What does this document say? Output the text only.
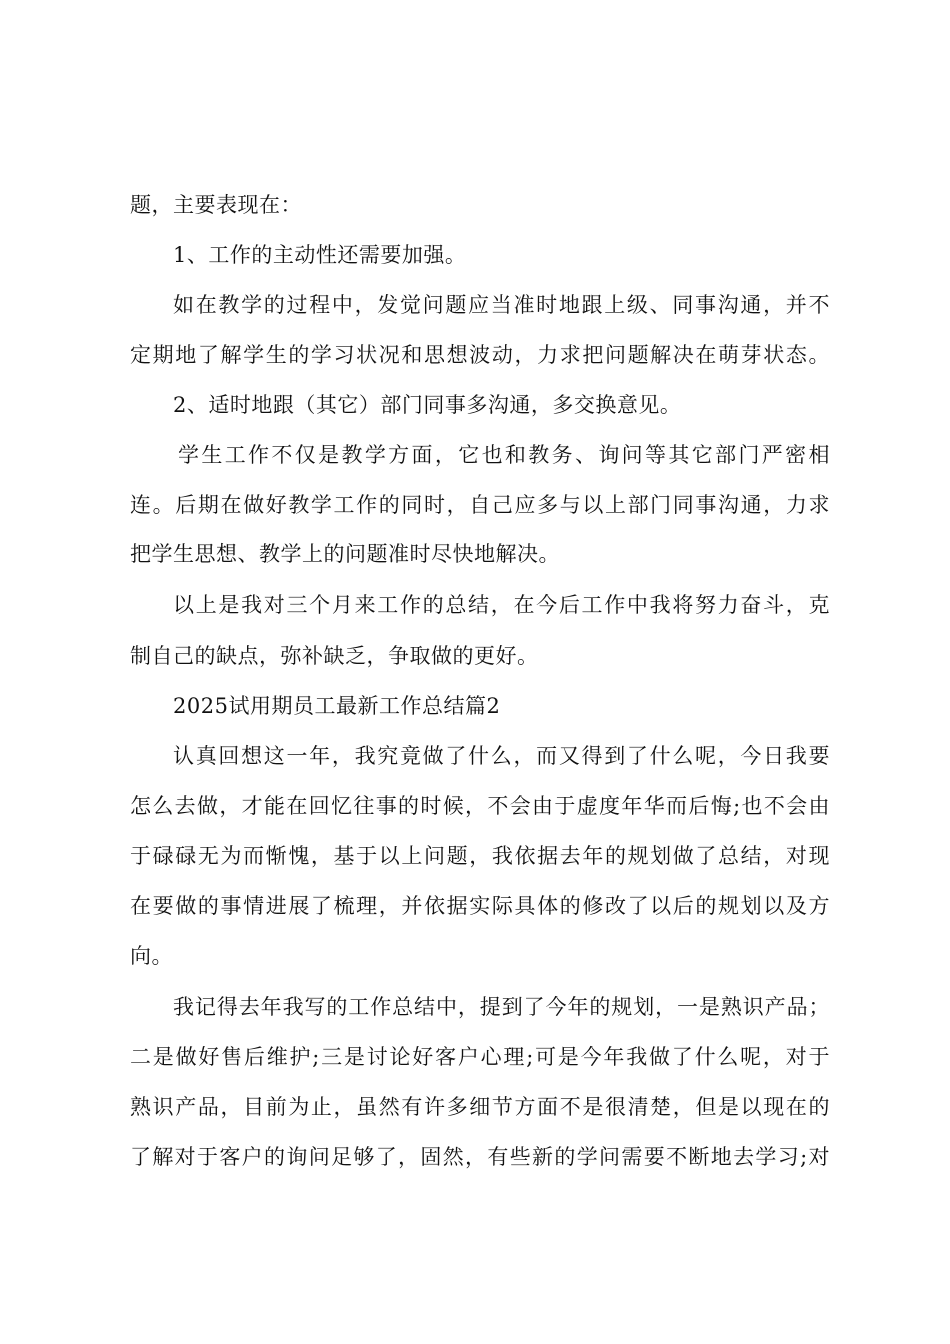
题，主要表现在：
1、工作的主动性还需要加强。
如在教学的过程中，发觉问题应当准时地跟上级、同事沟通，并不
定期地了解学生的学习状况和思想波动，力求把问题解决在萌芽状态。
2、适时地跟（其它）部门同事多沟通，多交换意见。
学生工作不仅是教学方面，它也和教务、询问等其它部门严密相
连。后期在做好教学工作的同时，自己应多与以上部门同事沟通，力求
把学生思想、教学上的问题准时尽快地解决。
以上是我对三个月来工作的总结，在今后工作中我将努力奋斗，克
制自己的缺点，弥补缺乏，争取做的更好。
2025试用期员工最新工作总结篇2
认真回想这一年，我究竟做了什么，而又得到了什么呢，今日我要
怎么去做，才能在回忆往事的时候，不会由于虚度年华而后悔;也不会由
于碌碌无为而惭愧，基于以上问题，我依据去年的规划做了总结，对现
在要做的事情进展了梳理，并依据实际具体的修改了以后的规划以及方
向。
我记得去年我写的工作总结中，提到了今年的规划，一是熟识产品；
二是做好售后维护;三是讨论好客户心理;可是今年我做了什么呢，对于
熟识产品，目前为止，虽然有许多细节方面不是很清楚，但是以现在的
了解对于客户的询问足够了，固然，有些新的学问需要不断地去学习;对
